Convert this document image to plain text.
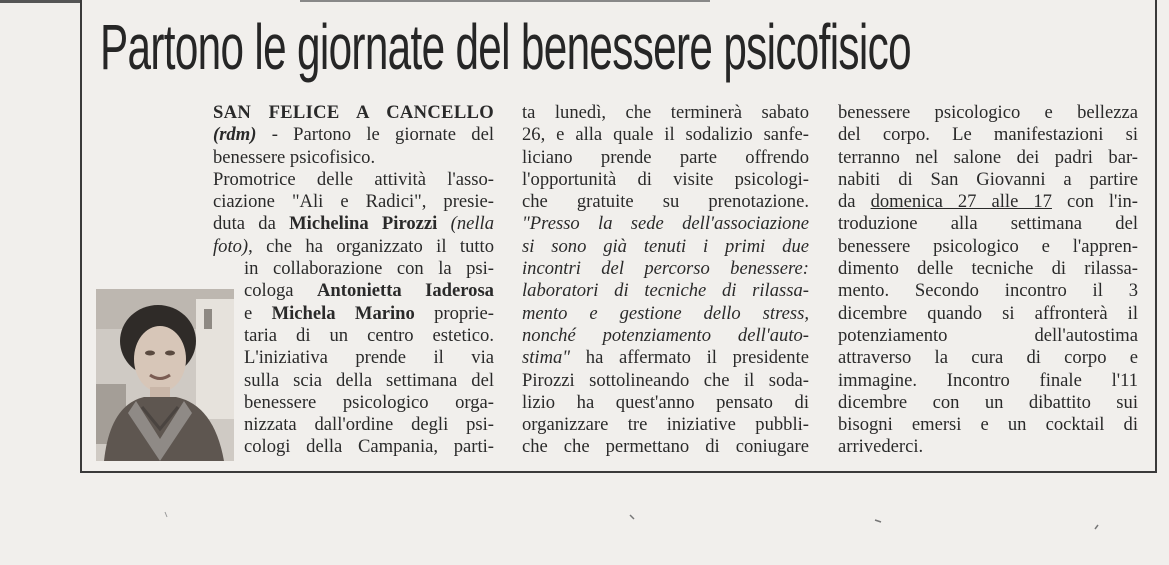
Partono le giornate del benessere psicofisico
SAN FELICE A CANCELLO
(rdm) - Partono le giornate del
benessere psicofisico.
Promotrice delle attività l'asso-
ciazione "Ali e Radici", presie-
duta da Michelina Pirozzi (nella
foto), che ha organizzato il tutto
in collaborazione con la psi-
cologa Antonietta Iaderosa
e Michela Marino proprie-
taria di un centro estetico.
L'iniziativa prende il via
sulla scia della settimana del
benessere psicologico orga-
nizzata dall'ordine degli psi-
cologi della Campania, parti-
ta lunedì, che terminerà sabato
26, e alla quale il sodalizio sanfe-
liciano prende parte offrendo
l'opportunità di visite psicologi-
che gratuite su prenotazione.
"Presso la sede dell'associazione
si sono già tenuti i primi due
incontri del percorso benessere:
laboratori di tecniche di rilassa-
mento e gestione dello stress,
nonché potenziamento dell'auto-
stima" ha affermato il presidente
Pirozzi sottolineando che il soda-
lizio ha quest'anno pensato di
organizzare tre iniziative pubbli-
che che permettano di coniugare
benessere psicologico e bellezza
del corpo. Le manifestazioni si
terranno nel salone dei padri bar-
nabiti di San Giovanni a partire
da domenica 27 alle 17 con l'in-
troduzione alla settimana del
benessere psicologico e l'appren-
dimento delle tecniche di rilassa-
mento. Secondo incontro il 3
dicembre quando si affronterà il
potenziamento dell'autostima
attraverso la cura di corpo e
immagine. Incontro finale l'11
dicembre con un dibattito sui
bisogni emersi e un cocktail di
arrivederci.
